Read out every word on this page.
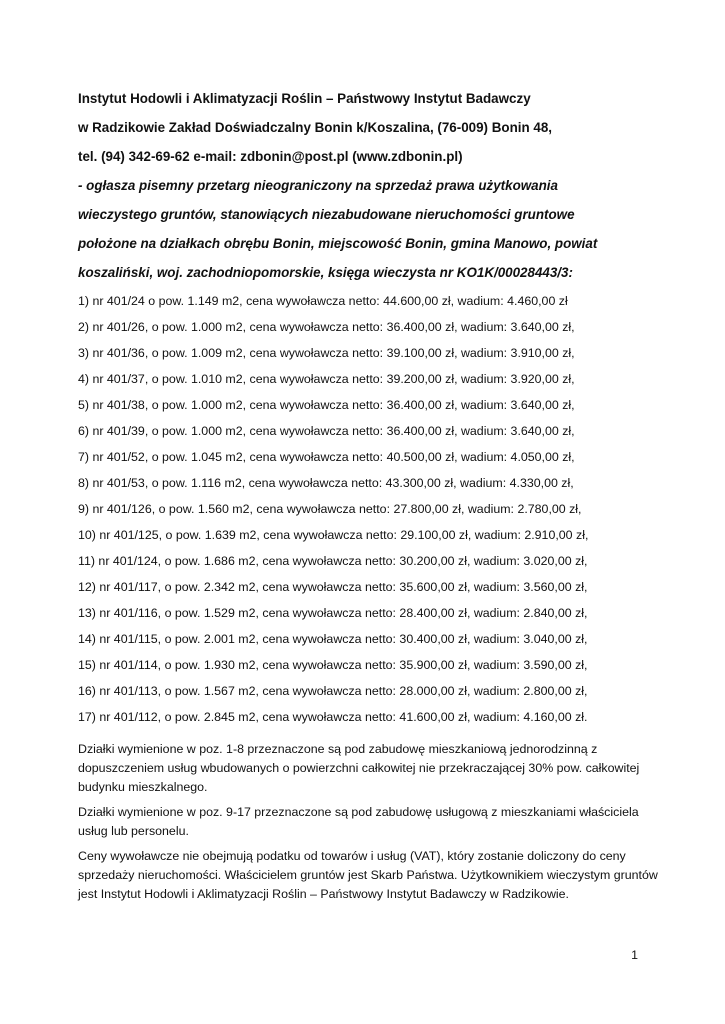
Instytut Hodowli i Aklimatyzacji Roślin – Państwowy Instytut Badawczy
w Radzikowie Zakład Doświadczalny Bonin k/Koszalina, (76-009) Bonin 48,
tel. (94) 342-69-62 e-mail: zdbonin@post.pl (www.zdbonin.pl)
- ogłasza pisemny przetarg nieograniczony na sprzedaż prawa użytkowania
wieczystego gruntów, stanowiących niezabudowane nieruchomości gruntowe
położone na działkach obrębu Bonin, miejscowość Bonin, gmina Manowo, powiat
koszaliński, woj. zachodniopomorskie, księga wieczysta nr KO1K/00028443/3:
1) nr 401/24 o pow. 1.149 m2, cena wywoławcza netto: 44.600,00 zł, wadium: 4.460,00 zł
2) nr 401/26, o pow. 1.000 m2, cena wywoławcza netto: 36.400,00 zł, wadium: 3.640,00 zł,
3) nr 401/36, o pow. 1.009 m2, cena wywoławcza netto: 39.100,00 zł, wadium: 3.910,00 zł,
4) nr 401/37, o pow. 1.010 m2, cena wywoławcza netto: 39.200,00 zł, wadium: 3.920,00 zł,
5) nr 401/38, o pow. 1.000 m2, cena wywoławcza netto: 36.400,00 zł, wadium: 3.640,00 zł,
6) nr 401/39, o pow. 1.000 m2, cena wywoławcza netto: 36.400,00 zł, wadium: 3.640,00 zł,
7) nr 401/52, o pow. 1.045 m2, cena wywoławcza netto: 40.500,00 zł, wadium: 4.050,00 zł,
8) nr 401/53, o pow. 1.116 m2, cena wywoławcza netto: 43.300,00 zł, wadium: 4.330,00 zł,
9) nr 401/126, o pow. 1.560 m2, cena wywoławcza netto: 27.800,00 zł, wadium: 2.780,00 zł,
10) nr 401/125, o pow. 1.639 m2, cena wywoławcza netto: 29.100,00 zł, wadium: 2.910,00 zł,
11) nr 401/124, o pow. 1.686 m2, cena wywoławcza netto: 30.200,00 zł, wadium: 3.020,00 zł,
12) nr 401/117, o pow. 2.342 m2, cena wywoławcza netto: 35.600,00 zł, wadium: 3.560,00 zł,
13) nr 401/116, o pow. 1.529 m2, cena wywoławcza netto: 28.400,00 zł, wadium: 2.840,00 zł,
14) nr 401/115, o pow. 2.001 m2, cena wywoławcza netto: 30.400,00 zł, wadium: 3.040,00 zł,
15) nr 401/114, o pow. 1.930 m2, cena wywoławcza netto: 35.900,00 zł, wadium: 3.590,00 zł,
16) nr 401/113, o pow. 1.567 m2, cena wywoławcza netto: 28.000,00 zł, wadium: 2.800,00 zł,
17) nr 401/112, o pow. 2.845 m2, cena wywoławcza netto: 41.600,00 zł, wadium: 4.160,00 zł.

Działki wymienione w poz. 1-8 przeznaczone są pod zabudowę mieszkaniową jednorodzinną z dopuszczeniem usług wbudowanych o powierzchni całkowitej nie przekraczającej 30% pow. całkowitej budynku mieszkalnego.

Działki wymienione w poz. 9-17 przeznaczone są pod zabudowę usługową z mieszkaniami właściciela usług lub personelu.

Ceny wywoławcze nie obejmują podatku od towarów i usług (VAT), który zostanie doliczony do ceny sprzedaży nieruchomości. Właścicielem gruntów jest Skarb Państwa. Użytkownikiem wieczystym gruntów jest Instytut Hodowli i Aklimatyzacji Roślin – Państwowy Instytut Badawczy w Radzikowie.

1
